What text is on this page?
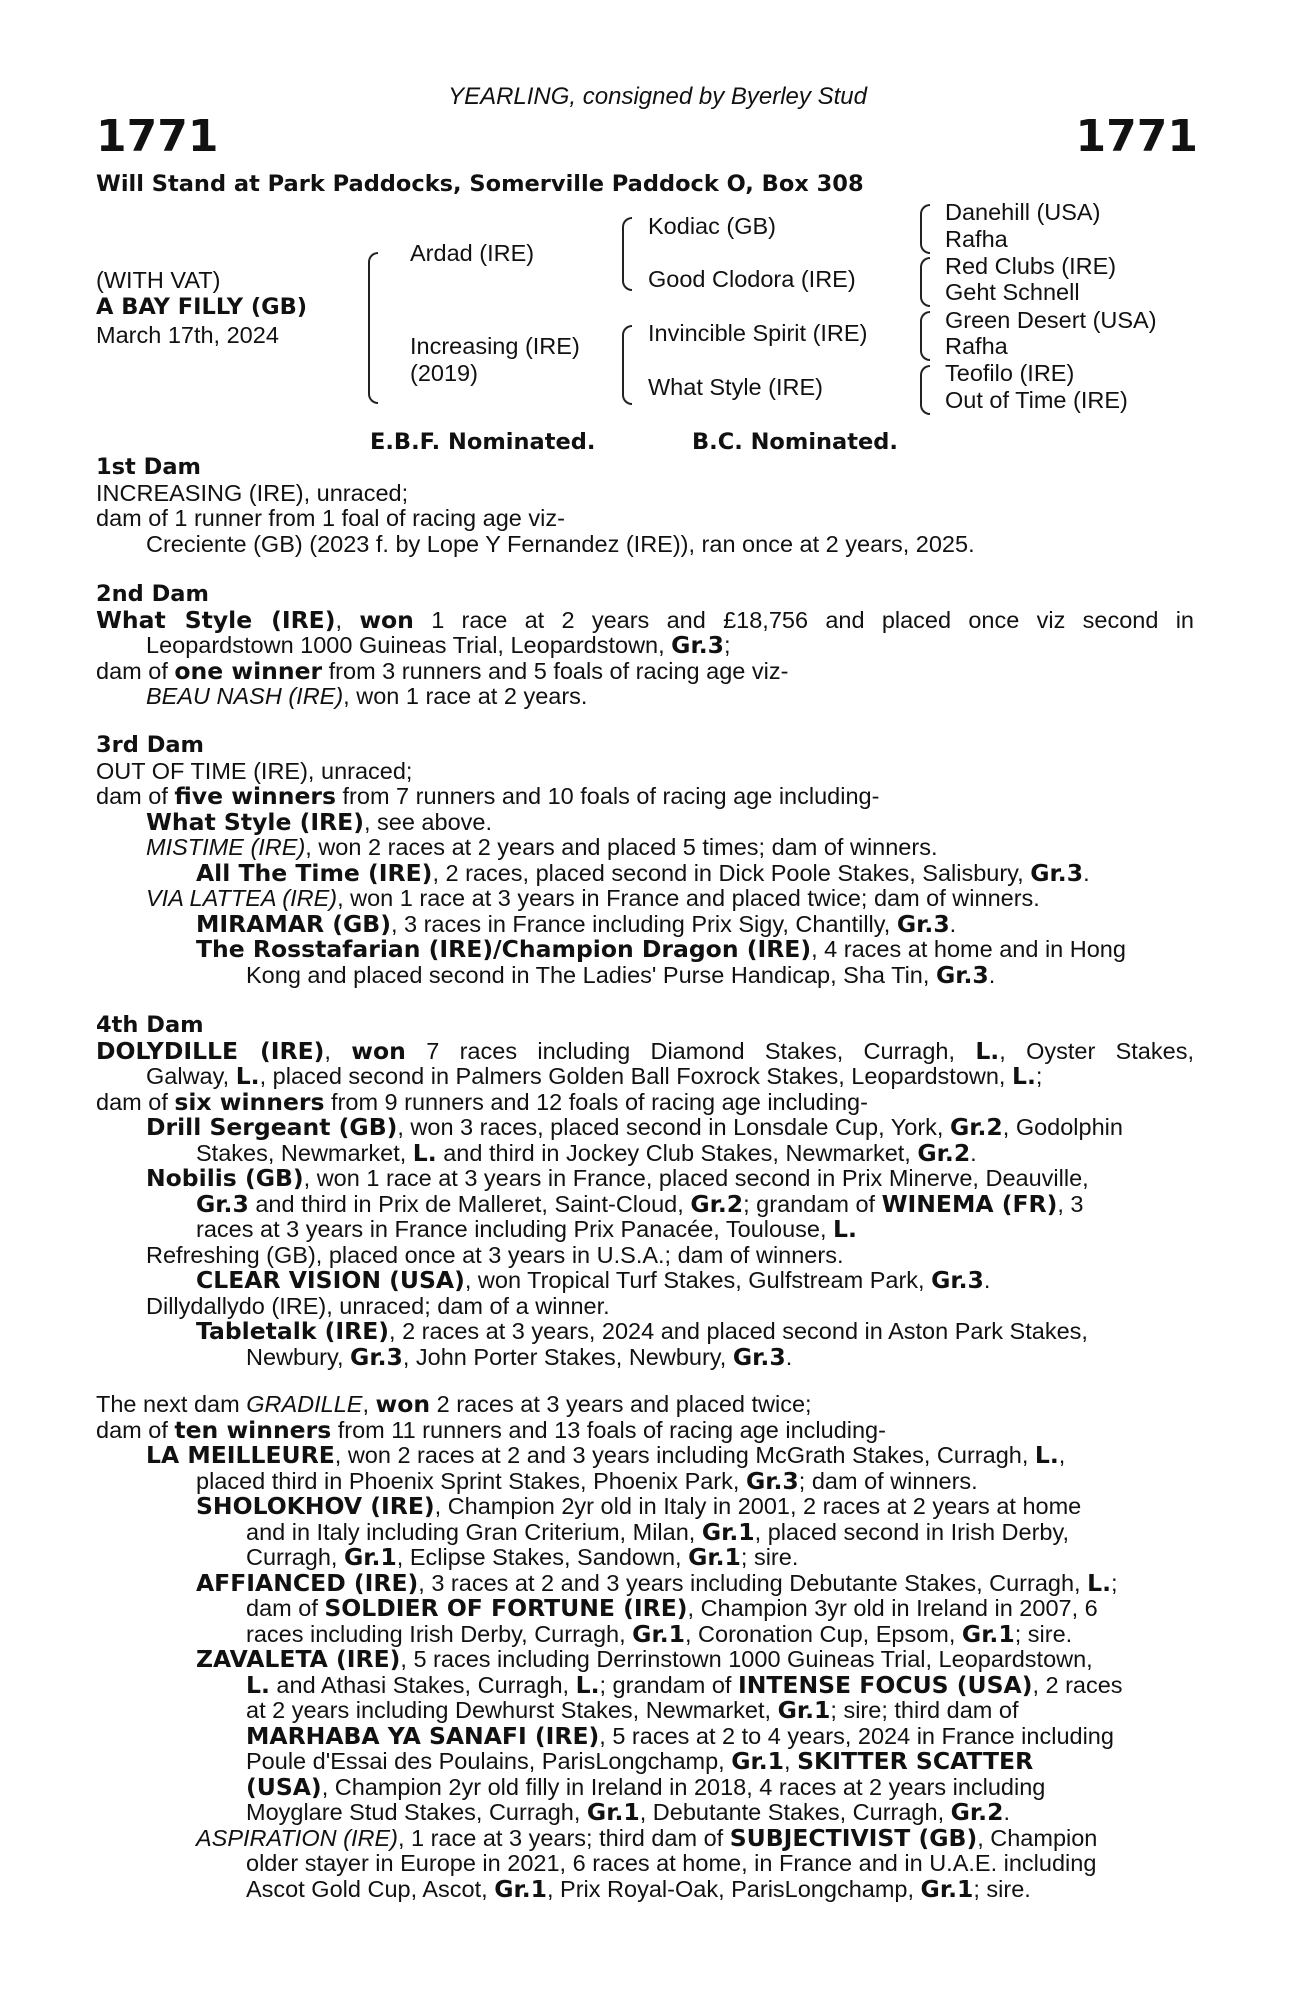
YEARLING, consigned by Byerley Stud
1771	1771
Will Stand at Park Paddocks, Somerville Paddock O, Box 308
(WITH VAT)
A BAY FILLY (GB)
March 17th, 2024
Ardad (IRE)
Increasing (IRE)
(2019)
Kodiac (GB)
Good Clodora (IRE)
Invincible Spirit (IRE)
What Style (IRE)
Danehill (USA)
Rafha
Red Clubs (IRE)
Geht Schnell
Green Desert (USA)
Rafha
Teofilo (IRE)
Out of Time (IRE)
E.B.F. Nominated.	B.C. Nominated.
1st Dam
INCREASING (IRE), unraced;
dam of 1 runner from 1 foal of racing age viz-
Creciente (GB) (2023 f. by Lope Y Fernandez (IRE)), ran once at 2 years, 2025.
2nd Dam
What Style (IRE), won 1 race at 2 years and £18,756 and placed once viz second in
Leopardstown 1000 Guineas Trial, Leopardstown, Gr.3;
dam of one winner from 3 runners and 5 foals of racing age viz-
BEAU NASH (IRE), won 1 race at 2 years.
3rd Dam
OUT OF TIME (IRE), unraced;
dam of five winners from 7 runners and 10 foals of racing age including-
What Style (IRE), see above.
MISTIME (IRE), won 2 races at 2 years and placed 5 times; dam of winners.
All The Time (IRE), 2 races, placed second in Dick Poole Stakes, Salisbury, Gr.3.
VIA LATTEA (IRE), won 1 race at 3 years in France and placed twice; dam of winners.
MIRAMAR (GB), 3 races in France including Prix Sigy, Chantilly, Gr.3.
The Rosstafarian (IRE)/Champion Dragon (IRE), 4 races at home and in Hong
Kong and placed second in The Ladies' Purse Handicap, Sha Tin, Gr.3.
4th Dam
DOLYDILLE (IRE), won 7 races including Diamond Stakes, Curragh, L., Oyster Stakes,
Galway, L., placed second in Palmers Golden Ball Foxrock Stakes, Leopardstown, L.;
dam of six winners from 9 runners and 12 foals of racing age including-
Drill Sergeant (GB), won 3 races, placed second in Lonsdale Cup, York, Gr.2, Godolphin
Stakes, Newmarket, L. and third in Jockey Club Stakes, Newmarket, Gr.2.
Nobilis (GB), won 1 race at 3 years in France, placed second in Prix Minerve, Deauville,
Gr.3 and third in Prix de Malleret, Saint-Cloud, Gr.2; grandam of WINEMA (FR), 3
races at 3 years in France including Prix Panacée, Toulouse, L.
Refreshing (GB), placed once at 3 years in U.S.A.; dam of winners.
CLEAR VISION (USA), won Tropical Turf Stakes, Gulfstream Park, Gr.3.
Dillydallydo (IRE), unraced; dam of a winner.
Tabletalk (IRE), 2 races at 3 years, 2024 and placed second in Aston Park Stakes,
Newbury, Gr.3, John Porter Stakes, Newbury, Gr.3.
The next dam GRADILLE, won 2 races at 3 years and placed twice;
dam of ten winners from 11 runners and 13 foals of racing age including-
LA MEILLEURE, won 2 races at 2 and 3 years including McGrath Stakes, Curragh, L.,
placed third in Phoenix Sprint Stakes, Phoenix Park, Gr.3; dam of winners.
SHOLOKHOV (IRE), Champion 2yr old in Italy in 2001, 2 races at 2 years at home
and in Italy including Gran Criterium, Milan, Gr.1, placed second in Irish Derby,
Curragh, Gr.1, Eclipse Stakes, Sandown, Gr.1; sire.
AFFIANCED (IRE), 3 races at 2 and 3 years including Debutante Stakes, Curragh, L.;
dam of SOLDIER OF FORTUNE (IRE), Champion 3yr old in Ireland in 2007, 6
races including Irish Derby, Curragh, Gr.1, Coronation Cup, Epsom, Gr.1; sire.
ZAVALETA (IRE), 5 races including Derrinstown 1000 Guineas Trial, Leopardstown,
L. and Athasi Stakes, Curragh, L.; grandam of INTENSE FOCUS (USA), 2 races
at 2 years including Dewhurst Stakes, Newmarket, Gr.1; sire; third dam of
MARHABA YA SANAFI (IRE), 5 races at 2 to 4 years, 2024 in France including
Poule d'Essai des Poulains, ParisLongchamp, Gr.1, SKITTER SCATTER
(USA), Champion 2yr old filly in Ireland in 2018, 4 races at 2 years including
Moyglare Stud Stakes, Curragh, Gr.1, Debutante Stakes, Curragh, Gr.2.
ASPIRATION (IRE), 1 race at 3 years; third dam of SUBJECTIVIST (GB), Champion
older stayer in Europe in 2021, 6 races at home, in France and in U.A.E. including
Ascot Gold Cup, Ascot, Gr.1, Prix Royal-Oak, ParisLongchamp, Gr.1; sire.
